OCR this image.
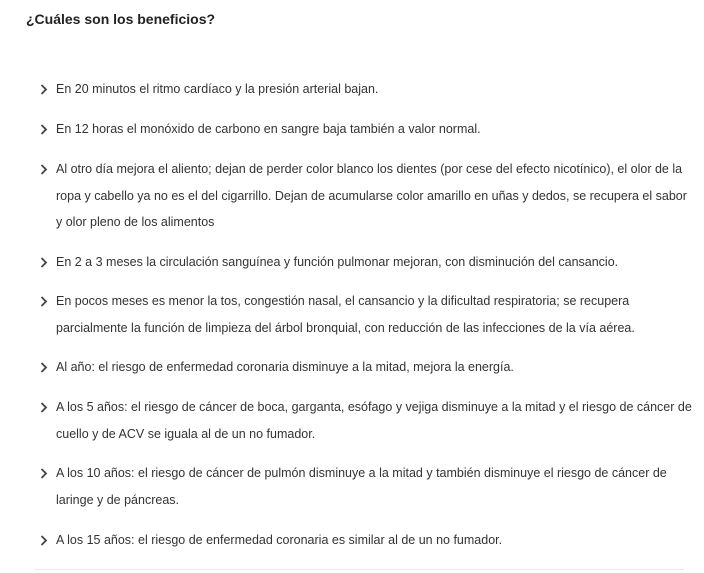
¿Cuáles son los beneficios?
En 20 minutos el ritmo cardíaco y la presión arterial bajan.
En 12 horas el monóxido de carbono en sangre baja también a valor normal.
Al otro día mejora el aliento; dejan de perder color blanco los dientes (por cese del efecto nicotínico), el olor de la ropa y cabello ya no es el del cigarrillo. Dejan de acumularse color amarillo en uñas y dedos, se recupera el sabor y olor pleno de los alimentos
En 2 a 3 meses la circulación sanguínea y función pulmonar mejoran, con disminución del cansancio.
En pocos meses es menor la tos, congestión nasal, el cansancio y la dificultad respiratoria; se recupera parcialmente la función de limpieza del árbol bronquial, con reducción de las infecciones de la vía aérea.
Al año: el riesgo de enfermedad coronaria disminuye a la mitad, mejora la energía.
A los 5 años: el riesgo de cáncer de boca, garganta, esófago y vejiga disminuye a la mitad y el riesgo de cáncer de cuello y de ACV se iguala al de un no fumador.
A los 10 años: el riesgo de cáncer de pulmón disminuye a la mitad y también disminuye el riesgo de cáncer de laringe y de páncreas.
A los 15 años: el riesgo de enfermedad coronaria es similar al de un no fumador.
